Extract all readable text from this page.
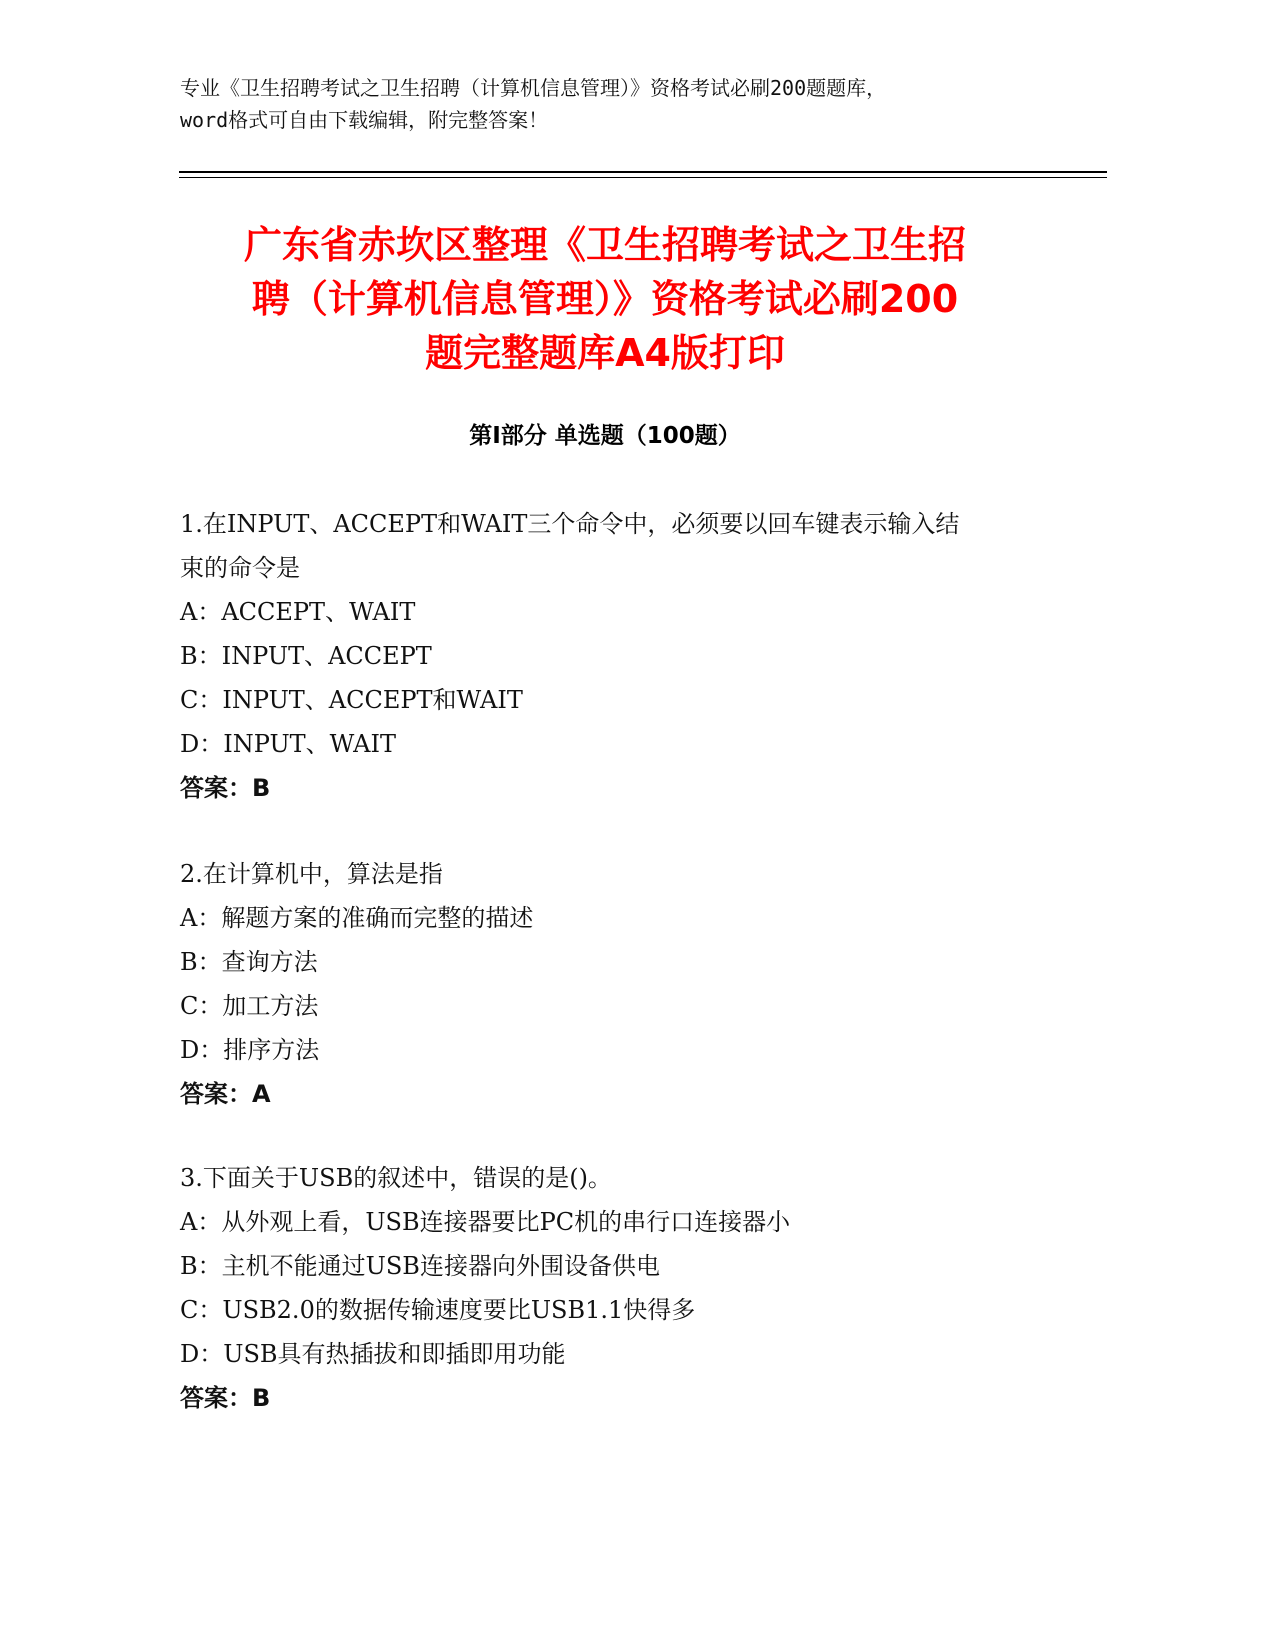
专业《卫生招聘考试之卫生招聘（计算机信息管理）》资格考试必刷200题题库，
word格式可自由下载编辑，附完整答案！
广东省赤坎区整理《卫生招聘考试之卫生招
聘（计算机信息管理）》资格考试必刷200
题完整题库A4版打印
第Ⅰ部分 单选题（100题）
1.在INPUT、ACCEPT和WAIT三个命令中，必须要以回车键表示输入结
束的命令是
A：ACCEPT、WAIT
B：INPUT、ACCEPT
C：INPUT、ACCEPT和WAIT
D：INPUT、WAIT
答案：B
2.在计算机中，算法是指
A：解题方案的准确而完整的描述
B：查询方法
C：加工方法
D：排序方法
答案：A
3.下面关于USB的叙述中，错误的是()。
A：从外观上看，USB连接器要比PC机的串行口连接器小
B：主机不能通过USB连接器向外围设备供电
C：USB2.0的数据传输速度要比USB1.1快得多
D：USB具有热插拔和即插即用功能
答案：B
